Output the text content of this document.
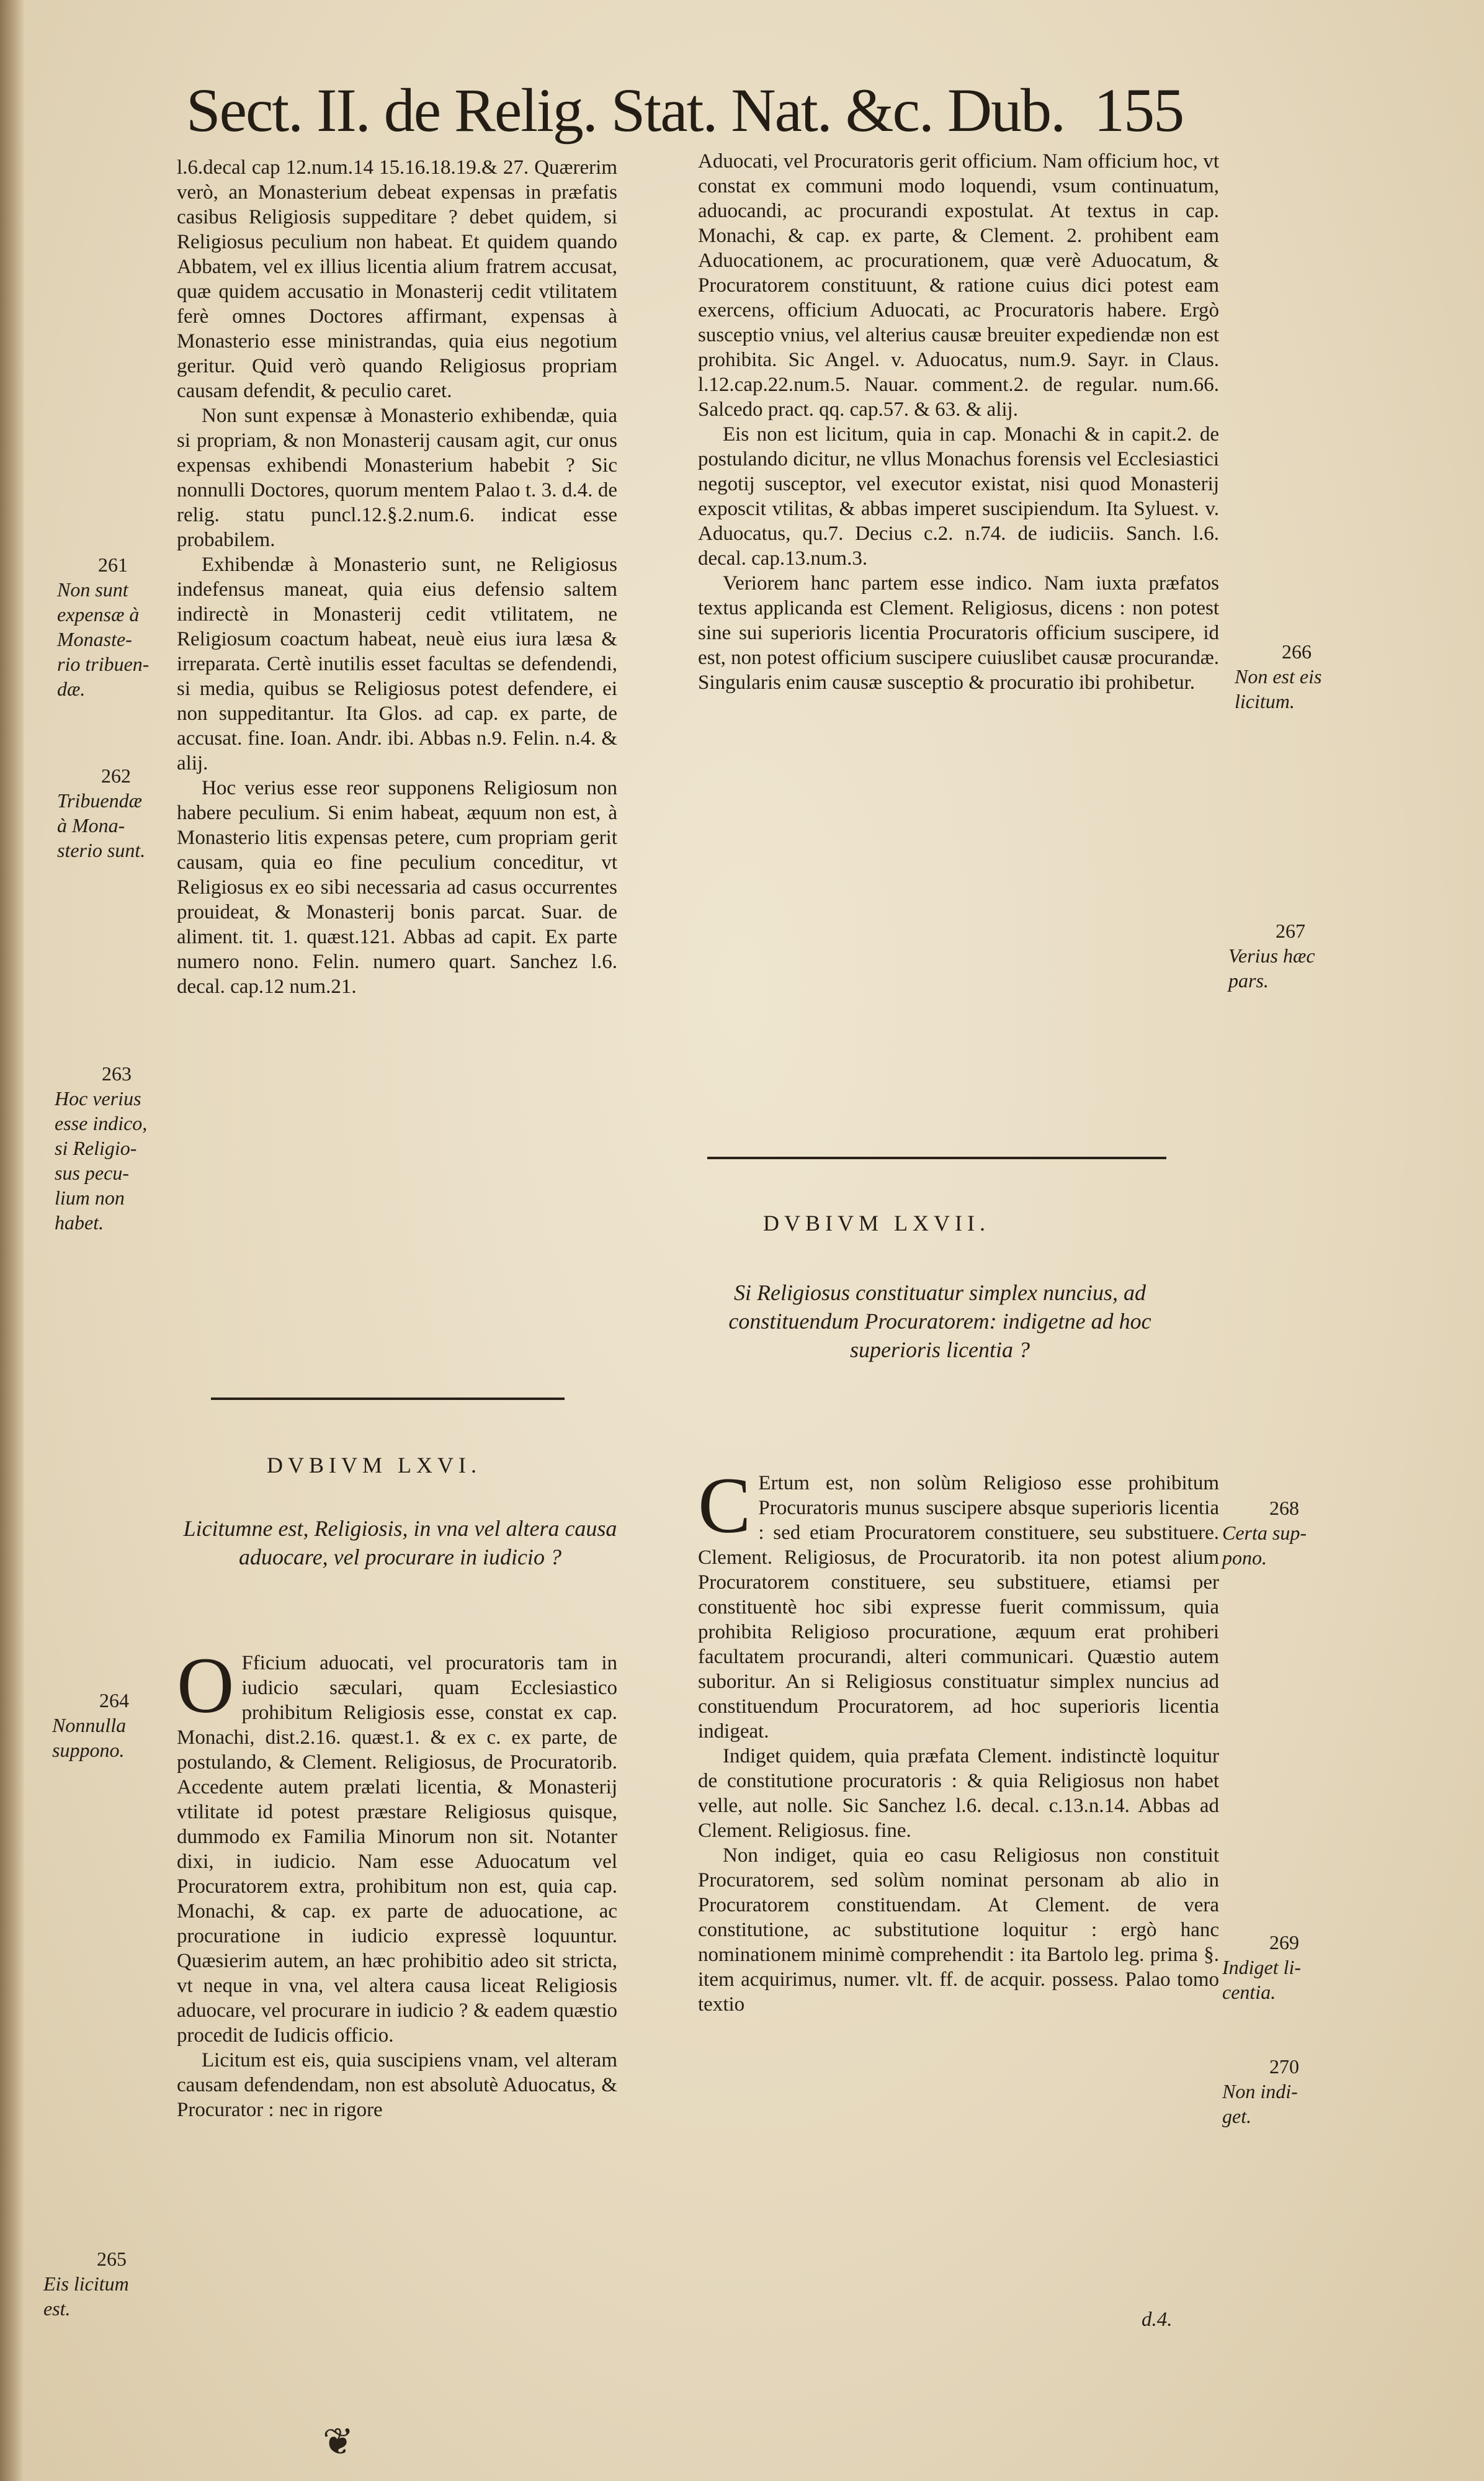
Sect. II. de Relig. Stat. Nat. &c. Dub. 155

l.6.decal cap 12.num.14 15.16.18.19.& 27. Quærerim verò, an Monasterium debeat expensas in præfatis casibus Religiosis suppeditare ? debet quidem, si Religiosus peculium non habeat. Et quidem quando Abbatem, vel ex illius licentia alium fratrem accusat, quæ quidem accusatio in Monasterij cedit vtilitatem ferè omnes Doctores affirmant, expensas à Monasterio esse ministrandas, quia eius negotium geritur. Quid verò quando Religiosus propriam causam defendit, & peculio caret.

Non sunt expensæ à Monasterio exhibendæ, quia si propriam, & non Monasterij causam agit, cur onus expensas exhibendi Monasterium habebit ? Sic nonnulli Doctores, quorum mentem Palao t. 3. d.4. de relig. statu puncl.12.§.2.num.6. indicat esse probabilem.

Exhibendæ à Monasterio sunt, ne Religiosus indefensus maneat, quia eius defensio saltem indirectè in Monasterij cedit vtilitatem, ne Religiosum coactum habeat, neuè eius iura læsa & irreparata. Certè inutilis esset facultas se defendendi, si media, quibus se Religiosus potest defendere, ei non suppeditantur. Ita Glos. ad cap. ex parte, de accusat. fine. Ioan. Andr. ibi. Abbas n.9. Felin. n.4. & alij.

Hoc verius esse reor supponens Religiosum non habere peculium. Si enim habeat, æquum non est, à Monasterio litis expensas petere, cum propriam gerit causam, quia eo fine peculium conceditur, vt Religiosus ex eo sibi necessaria ad casus occurrentes prouideat, & Monasterij bonis parcat. Suar. de aliment. tit. 1. quæst.121. Abbas ad capit. Ex parte numero nono. Felin. numero quart. Sanchez l.6. decal. cap.12 num.21.

DVBIVM LXVI.
Licitumne est, Religiosis, in vna vel altera causa aduocare, vel procurare in iudicio ?

O Fficium aduocati, vel procuratoris tam in iudicio sæculari, quam Ecclesiastico prohibitum Religiosis esse, constat ex cap. Monachi, dist.2.16. quæst.1. & ex c. ex parte, de postulando, & Clement. Religiosus, de Procuratorib. Accedente autem prælati licentia, & Monasterij vtilitate id potest præstare Religiosus quisque, dummodo ex Familia Minorum non sit. Notanter dixi, in iudicio. Nam esse Aduocatum vel Procuratorem extra, prohibitum non est, quia cap. Monachi, & cap. ex parte de aduocatione, ac procuratione in iudicio expressè loquuntur. Quæsierim autem, an hæc prohibitio adeo sit stricta, vt neque in vna, vel altera causa liceat Religiosis aduocare, vel procurare in iudicio ? & eadem quæstio procedit de Iudicis officio.

Licitum est eis, quia suscipiens vnam, vel alteram causam defendendam, non est absolutè Aduocatus, & Procurator : nec in rigore

Aduocati, vel Procuratoris gerit officium. Nam officium hoc, vt constat ex communi modo loquendi, vsum continuatum, aduocandi, ac procurandi expostulat. At textus in cap. Monachi, & cap. ex parte, & Clement. 2. prohibent eam Aduocationem, ac procurationem, quæ verè Aduocatum, & Procuratorem constituunt, & ratione cuius dici potest eam exercens, officium Aduocati, ac Procuratoris habere. Ergò susceptio vnius, vel alterius causæ breuiter expediendæ non est prohibita. Sic Angel. v. Aduocatus, num.9. Sayr. in Claus. l.12.cap.22.num.5. Nauar. comment.2. de regular. num.66. Salcedo pract. qq. cap.57. & 63. & alij.

Eis non est licitum, quia in cap. Monachi & in capit.2. de postulando dicitur, ne vllus Monachus forensis vel Ecclesiastici negotij susceptor, vel executor existat, nisi quod Monasterij exposcit vtilitas, & abbas imperet suscipiendum. Ita Syluest. v. Aduocatus, qu.7. Decius c.2. n.74. de iudiciis. Sanch. l.6. decal. cap.13.num.3.

Veriorem hanc partem esse indico. Nam iuxta præfatos textus applicanda est Clement. Religiosus, dicens : non potest sine sui superioris licentia Procuratoris officium suscipere, id est, non potest officium suscipere cuiuslibet causæ procurandæ. Singularis enim causæ susceptio & procuratio ibi prohibetur.

DVBIVM LXVII.
Si Religiosus constituatur simplex nuncius, ad constituendum Procuratorem: indigetne ad hoc superioris licentia ?

C Ertum est, non solùm Religioso esse prohibitum Procuratoris munus suscipere absque superioris licentia : sed etiam Procuratorem constituere, seu substituere. Clement. Religiosus, de Procuratorib. ita non potest alium Procuratorem constituere, seu substituere, etiamsi per constituentè hoc sibi expresse fuerit commissum, quia prohibita Religioso procuratione, æquum erat prohiberi facultatem procurandi, alteri communicari. Quæstio autem suboritur. An si Religiosus constituatur simplex nuncius ad constituendum Procuratorem, ad hoc superioris licentia indigeat.

Indiget quidem, quia præfata Clement. indistinctè loquitur de constitutione procuratoris : & quia Religiosus non habet velle, aut nolle. Sic Sanchez l.6. decal. c.13.n.14. Abbas ad Clement. Religiosus. fine.

Non indiget, quia eo casu Religiosus non constituit Procuratorem, sed solùm nominat personam ab alio in Procuratorem constituendam. At Clement. de vera constitutione, ac substitutione loquitur : ergò hanc nominationem minimè comprehendit : ita Bartolo leg. prima §. item acquirimus, numer. vlt. ff. de acquir. possess. Palao tomo textio

d.4.

261
Non sunt
expensæ à
Monaste-
rio tribuen-
dæ.

262
Tribuendæ
à Mona-
sterio sunt.

263
Hoc verius
esse indico,
si Religio-
sus pecu-
lium non
habet.

264
Nonnulla
suppono.

265
Eis licitum
est.

266
Non est eis
licitum.

267
Verius hæc
pars.

268
Certa sup-
pono.

269
Indiget li-
centia.

270
Non indi-
get.

❦
